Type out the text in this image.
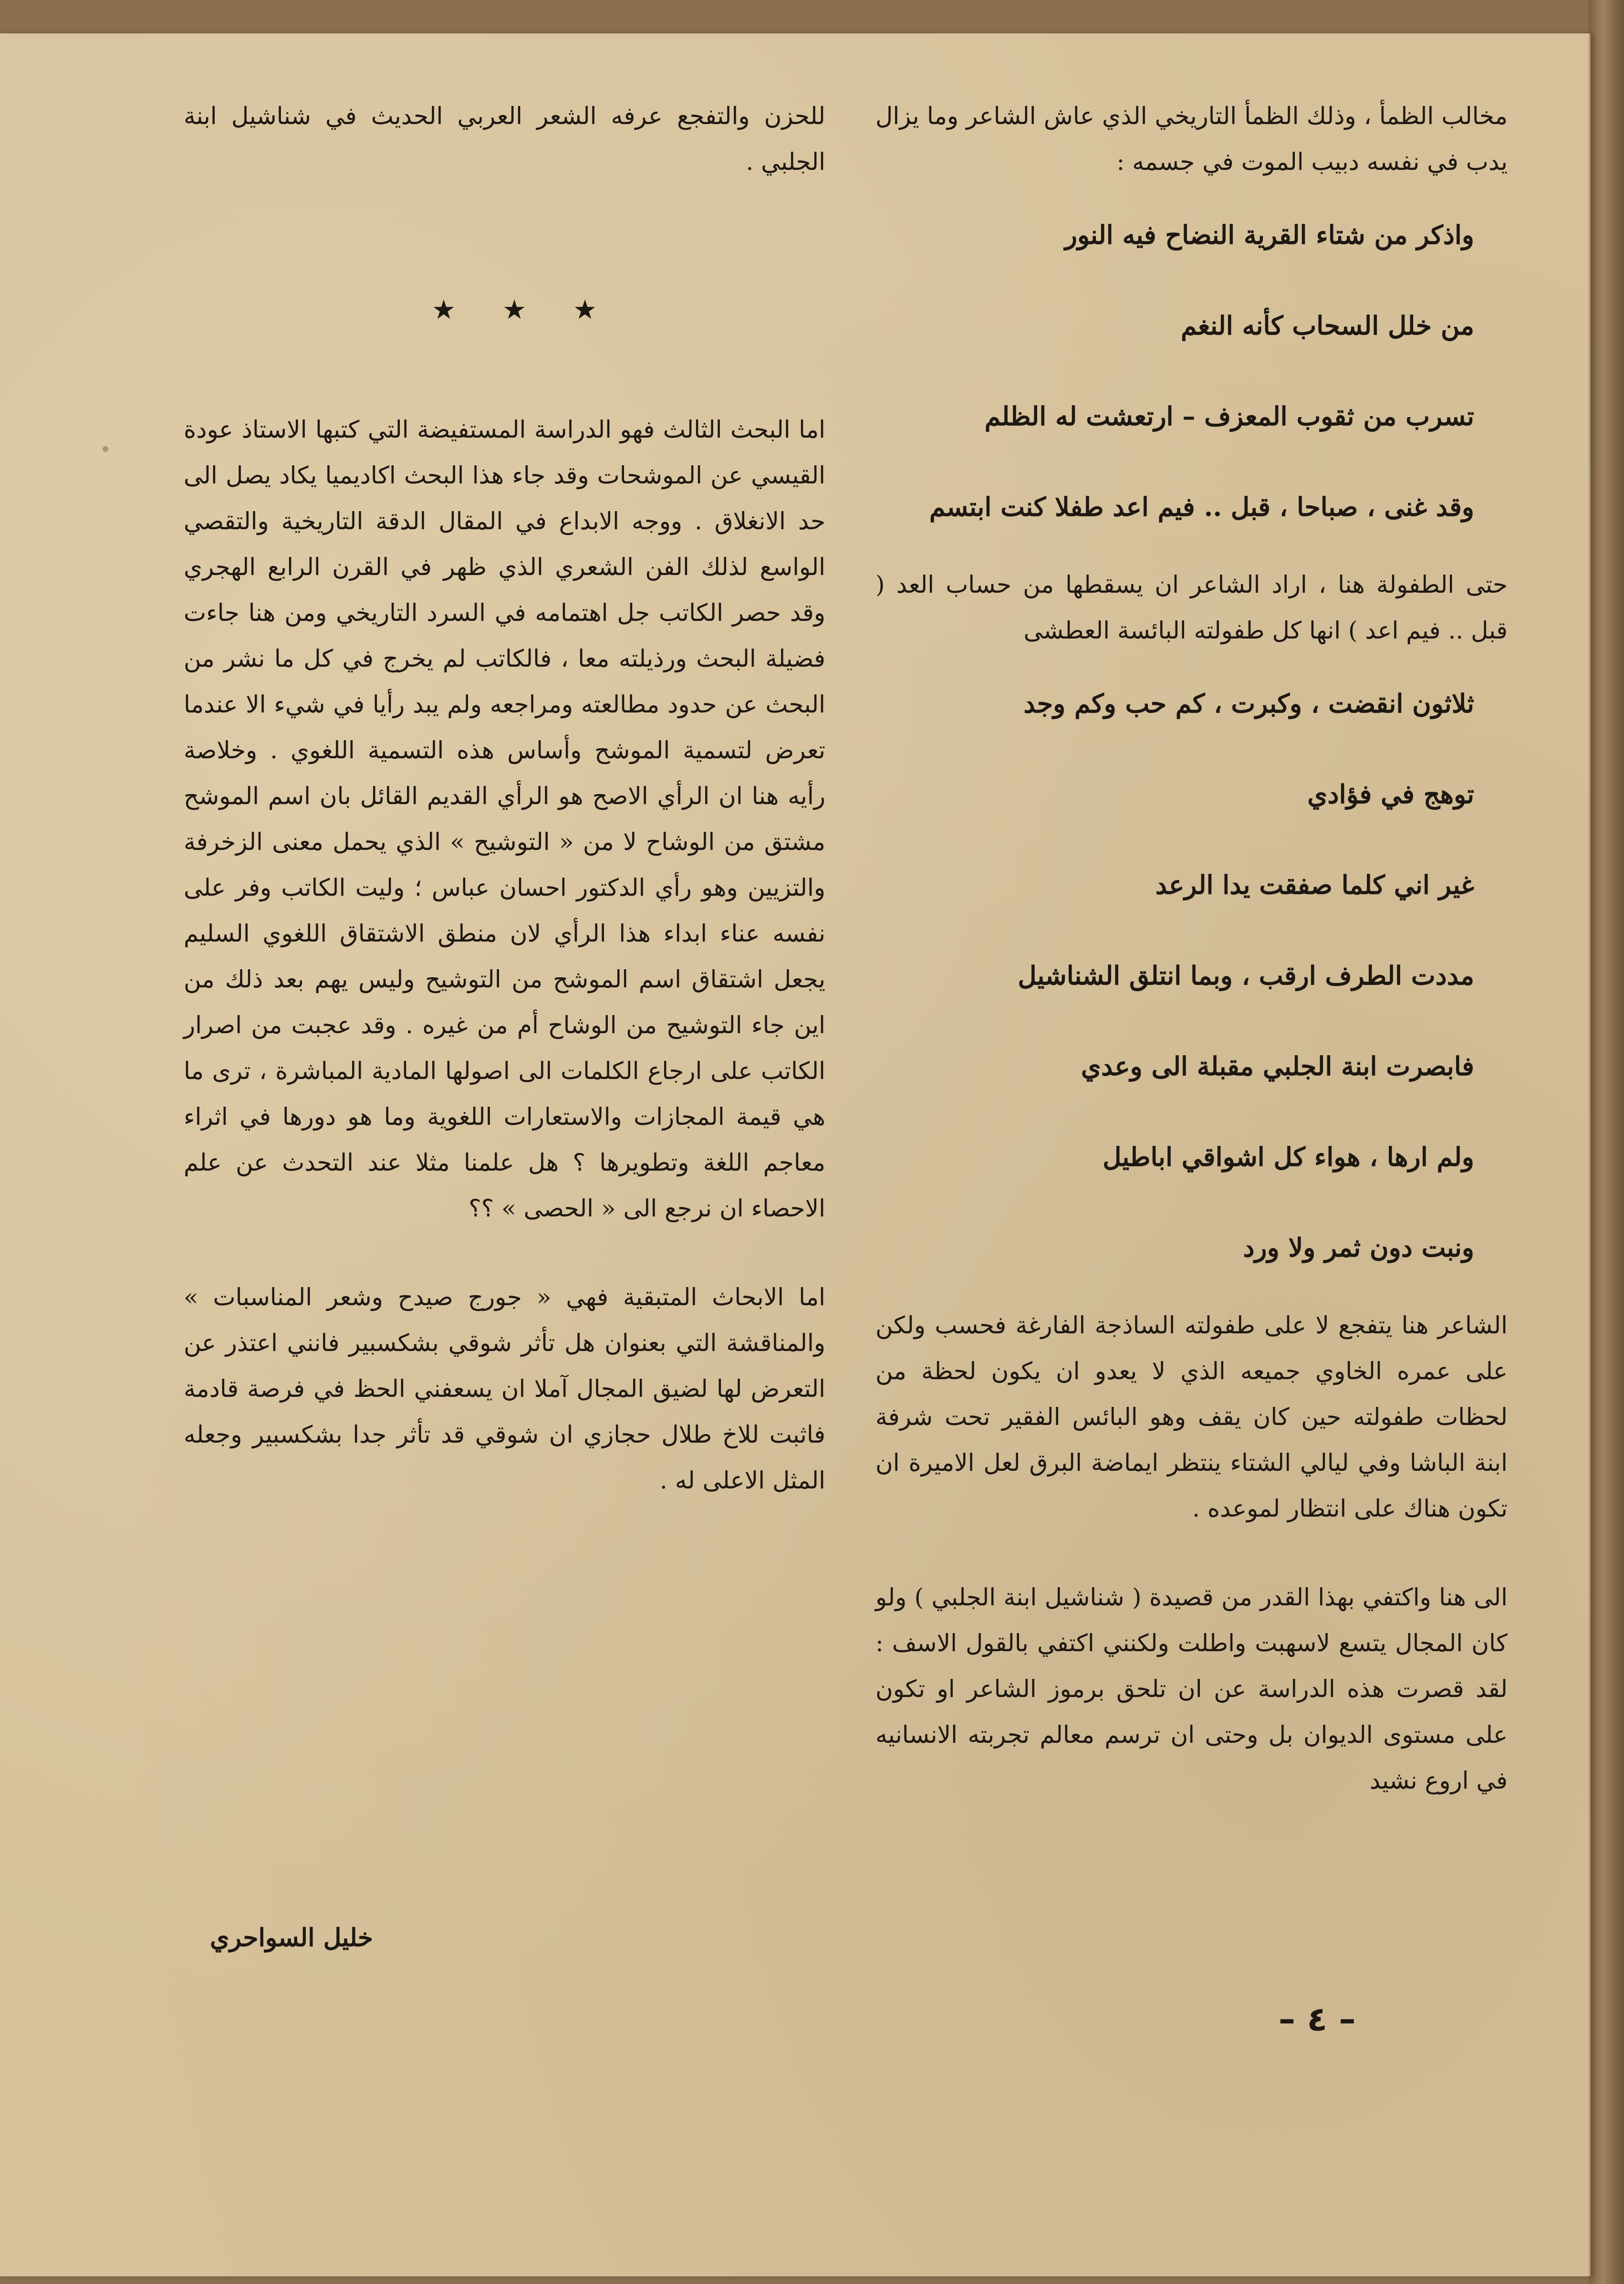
مخالب الظمأ ، وذلك الظمأ التاريخي الذي عاش الشاعر وما يزال يدب في نفسه دبيب الموت في جسمه :

واذكر من شتاء القرية النضاح فيه النور

من خلل السحاب كأنه النغم

تسرب من ثقوب المعزف – ارتعشت له الظلم

وقد غنى ، صباحا ، قبل .. فيم اعد طفلا كنت ابتسم

حتى الطفولة هنا ، اراد الشاعر ان يسقطها من حساب العد ( قبل .. فيم اعد ) انها كل طفولته البائسة العطشى

ثلاثون انقضت ، وكبرت ، كم حب وكم وجد

توهج في فؤادي

غير اني كلما صفقت يدا الرعد

مددت الطرف ارقب ، وبما انتلق الشناشيل

فابصرت ابنة الجلبي مقبلة الى وعدي

ولم ارها ، هواء كل اشواقي اباطيل

ونبت دون ثمر ولا ورد

الشاعر هنا يتفجع لا على طفولته الساذجة الفارغة فحسب ولكن على عمره الخاوي جميعه الذي لا يعدو ان يكون لحظة من لحظات طفولته حين كان يقف وهو البائس الفقير تحت شرفة ابنة الباشا وفي ليالي الشتاء ينتظر ايماضة البرق لعل الاميرة ان تكون هناك على انتظار لموعده .

الى هنا واكتفي بهذا القدر من قصيدة ( شناشيل ابنة الجلبي ) ولو كان المجال يتسع لاسهبت واطلت ولكنني اكتفي بالقول الاسف : لقد قصرت هذه الدراسة عن ان تلحق برموز الشاعر او تكون على مستوى الديوان بل وحتى ان ترسم معالم تجربته الانسانيه في اروع نشيد

للحزن والتفجع عرفه الشعر العربي الحديث في شناشيل ابنة الجلبي .

★ ★ ★

اما البحث الثالث فهو الدراسة المستفيضة التي كتبها الاستاذ عودة القيسي عن الموشحات وقد جاء هذا البحث اكاديميا يكاد يصل الى حد الانغلاق . ووجه الابداع في المقال الدقة التاريخية والتقصي الواسع لذلك الفن الشعري الذي ظهر في القرن الرابع الهجري وقد حصر الكاتب جل اهتمامه في السرد التاريخي ومن هنا جاءت فضيلة البحث ورذيلته معا ، فالكاتب لم يخرج في كل ما نشر من البحث عن حدود مطالعته ومراجعه ولم يبد رأيا في شيء الا عندما تعرض لتسمية الموشح وأساس هذه التسمية اللغوي . وخلاصة رأيه هنا ان الرأي الاصح هو الرأي القديم القائل بان اسم الموشح مشتق من الوشاح لا من « التوشيح » الذي يحمل معنى الزخرفة والتزيين وهو رأي الدكتور احسان عباس ؛ وليت الكاتب وفر على نفسه عناء ابداء هذا الرأي لان منطق الاشتقاق اللغوي السليم يجعل اشتقاق اسم الموشح من التوشيح وليس يهم بعد ذلك من اين جاء التوشيح من الوشاح أم من غيره . وقد عجبت من اصرار الكاتب على ارجاع الكلمات الى اصولها المادية المباشرة ، ترى ما هي قيمة المجازات والاستعارات اللغوية وما هو دورها في اثراء معاجم اللغة وتطويرها ؟ هل علمنا مثلا عند التحدث عن علم الاحصاء ان نرجع الى « الحصى » ؟؟

اما الابحاث المتبقية فهي « جورج صيدح وشعر المناسبات » والمناقشة التي بعنوان هل تأثر شوقي بشكسبير فانني اعتذر عن التعرض لها لضيق المجال آملا ان يسعفني الحظ في فرصة قادمة فاثبت للاخ طلال حجازي ان شوقي قد تأثر جدا بشكسبير وجعله المثل الاعلى له .

خليل السواحري
– ٤ –
